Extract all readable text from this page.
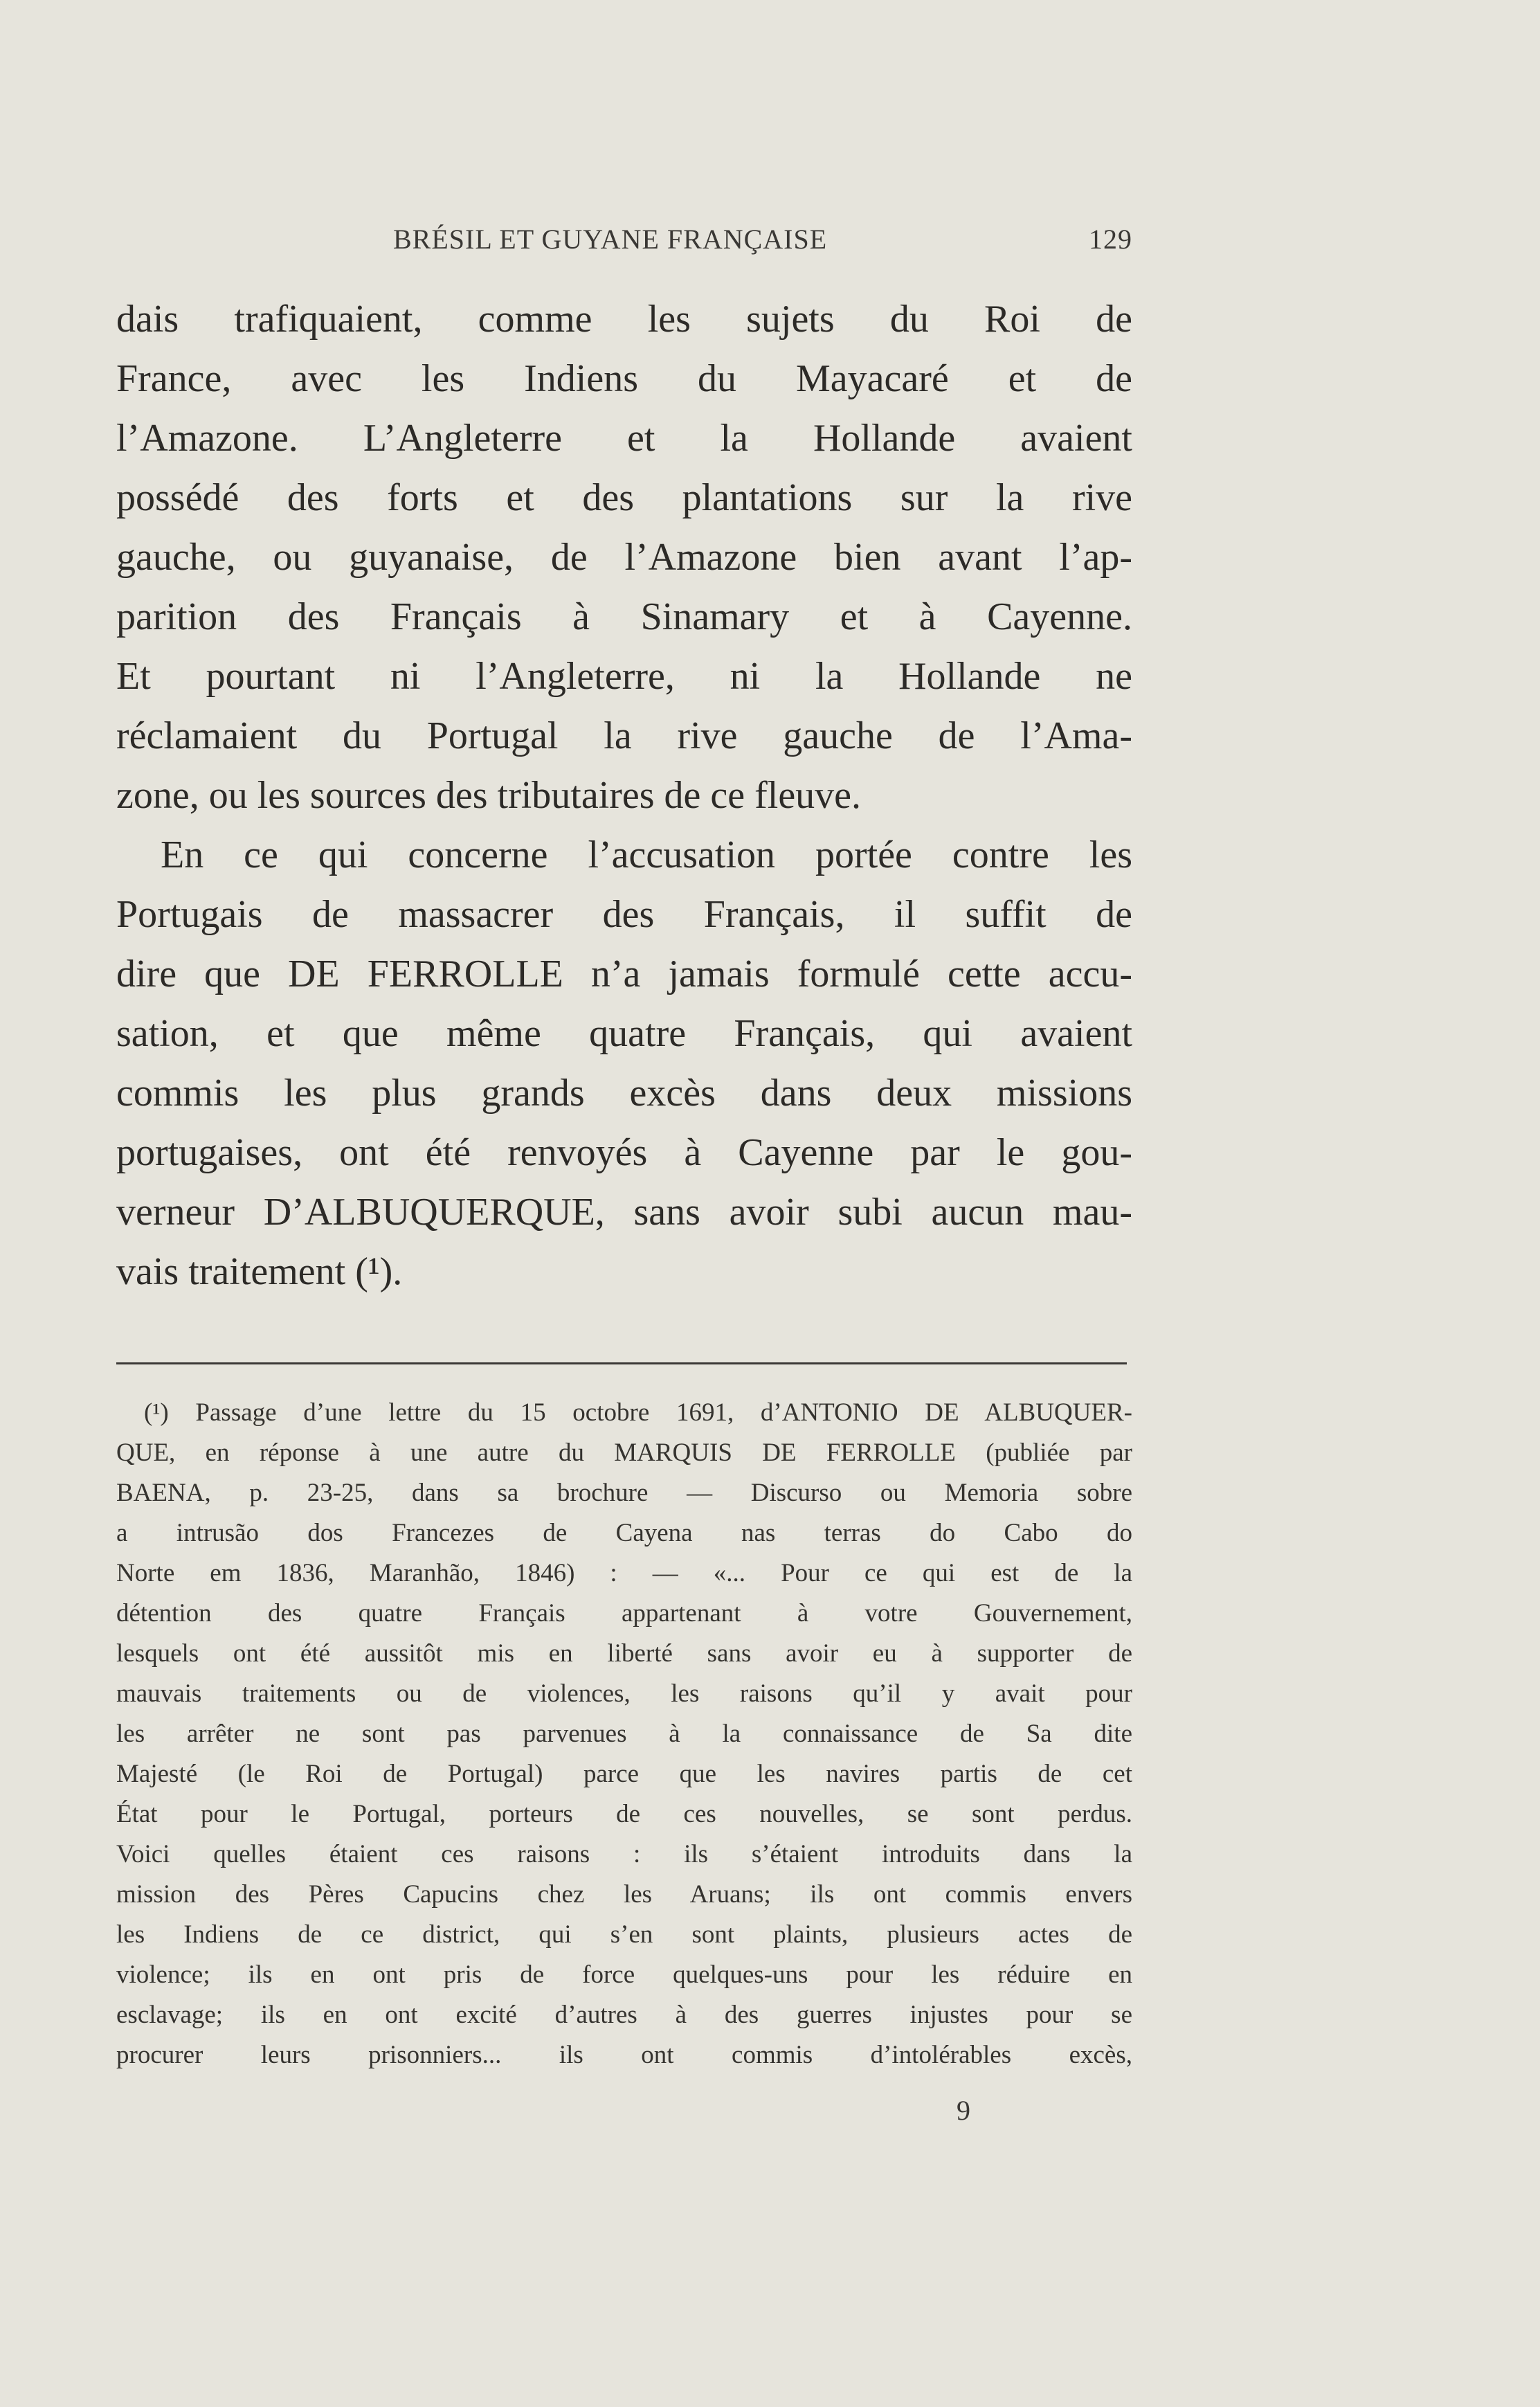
BRÉSIL ET GUYANE FRANÇAISE	129
dais trafiquaient, comme les sujets du Roi de
France, avec les Indiens du Mayacaré et de
l’Amazone. L’Angleterre et la Hollande avaient
possédé des forts et des plantations sur la rive
gauche, ou guyanaise, de l’Amazone bien avant l’ap-
parition des Français à Sinamary et à Cayenne.
Et pourtant ni l’Angleterre, ni la Hollande ne
réclamaient du Portugal la rive gauche de l’Ama-
zone, ou les sources des tributaires de ce fleuve.
En ce qui concerne l’accusation portée contre les
Portugais de massacrer des Français, il suffit de
dire que DE FERROLLE n’a jamais formulé cette accu-
sation, et que même quatre Français, qui avaient
commis les plus grands excès dans deux missions
portugaises, ont été renvoyés à Cayenne par le gou-
verneur D’ALBUQUERQUE, sans avoir subi aucun mau-
vais traitement (¹).
(¹) Passage d’une lettre du 15 octobre 1691, d’ANTONIO DE ALBUQUER-
QUE, en réponse à une autre du MARQUIS DE FERROLLE (publiée par
BAENA, p. 23-25, dans sa brochure — Discurso ou Memoria sobre
a intrusão dos Francezes de Cayena nas terras do Cabo do
Norte em 1836, Maranhão, 1846) : — «... Pour ce qui est de la
détention des quatre Français appartenant à votre Gouvernement,
lesquels ont été aussitôt mis en liberté sans avoir eu à supporter de
mauvais traitements ou de violences, les raisons qu’il y avait pour
les arrêter ne sont pas parvenues à la connaissance de Sa dite
Majesté (le Roi de Portugal) parce que les navires partis de cet
État pour le Portugal, porteurs de ces nouvelles, se sont perdus.
Voici quelles étaient ces raisons : ils s’étaient introduits dans la
mission des Pères Capucins chez les Aruans; ils ont commis envers
les Indiens de ce district, qui s’en sont plaints, plusieurs actes de
violence; ils en ont pris de force quelques-uns pour les réduire en
esclavage; ils en ont excité d’autres à des guerres injustes pour se
procurer leurs prisonniers... ils ont commis d’intolérables excès,
9
